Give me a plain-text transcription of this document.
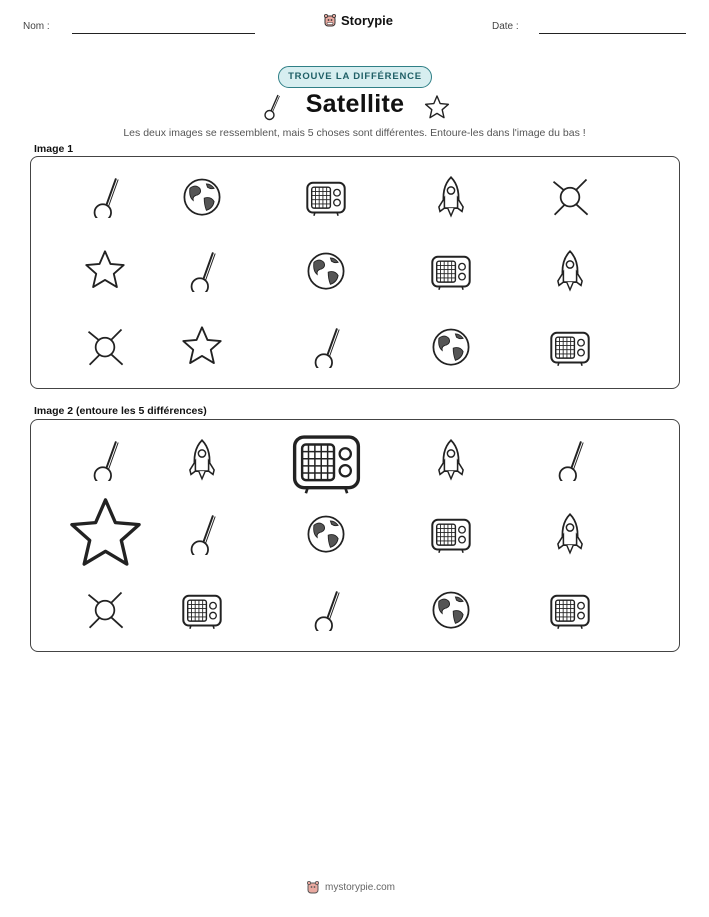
Nom :	Storypie	Date :
TROUVE LA DIFFÉRENCE
Satellite
Les deux images se ressemblent, mais 5 choses sont différentes. Entoure-les dans l'image du bas !
Image 1
Image 2 (entoure les 5 différences)
mystorypie.com
